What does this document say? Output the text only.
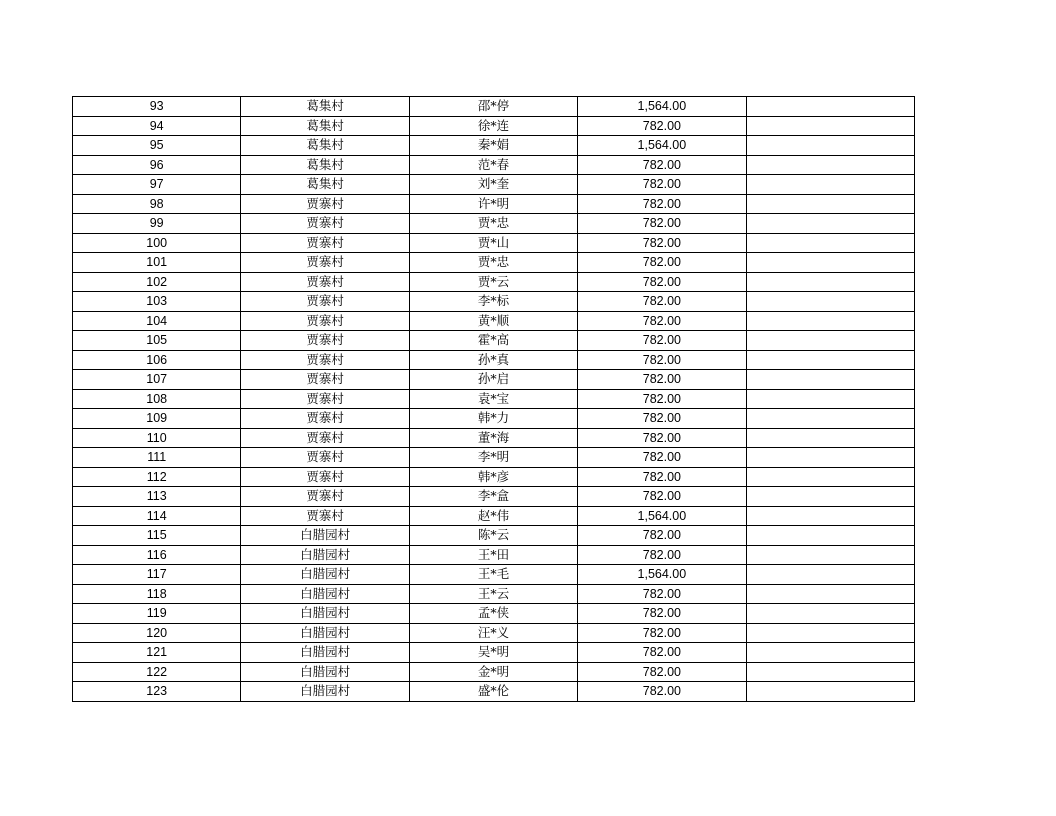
93	葛集村	邵*停	1,564.00	
94	葛集村	徐*连	782.00	
95	葛集村	秦*娟	1,564.00	
96	葛集村	范*春	782.00	
97	葛集村	刘*奎	782.00	
98	贾寨村	许*明	782.00	
99	贾寨村	贾*忠	782.00	
100	贾寨村	贾*山	782.00	
101	贾寨村	贾*忠	782.00	
102	贾寨村	贾*云	782.00	
103	贾寨村	李*标	782.00	
104	贾寨村	黄*顺	782.00	
105	贾寨村	霍*高	782.00	
106	贾寨村	孙*真	782.00	
107	贾寨村	孙*启	782.00	
108	贾寨村	袁*宝	782.00	
109	贾寨村	韩*力	782.00	
110	贾寨村	董*海	782.00	
111	贾寨村	李*明	782.00	
112	贾寨村	韩*彦	782.00	
113	贾寨村	李*盒	782.00	
114	贾寨村	赵*伟	1,564.00	
115	白腊园村	陈*云	782.00	
116	白腊园村	王*田	782.00	
117	白腊园村	王*毛	1,564.00	
118	白腊园村	王*云	782.00	
119	白腊园村	孟*侠	782.00	
120	白腊园村	汪*义	782.00	
121	白腊园村	吴*明	782.00	
122	白腊园村	金*明	782.00	
123	白腊园村	盛*伦	782.00	
